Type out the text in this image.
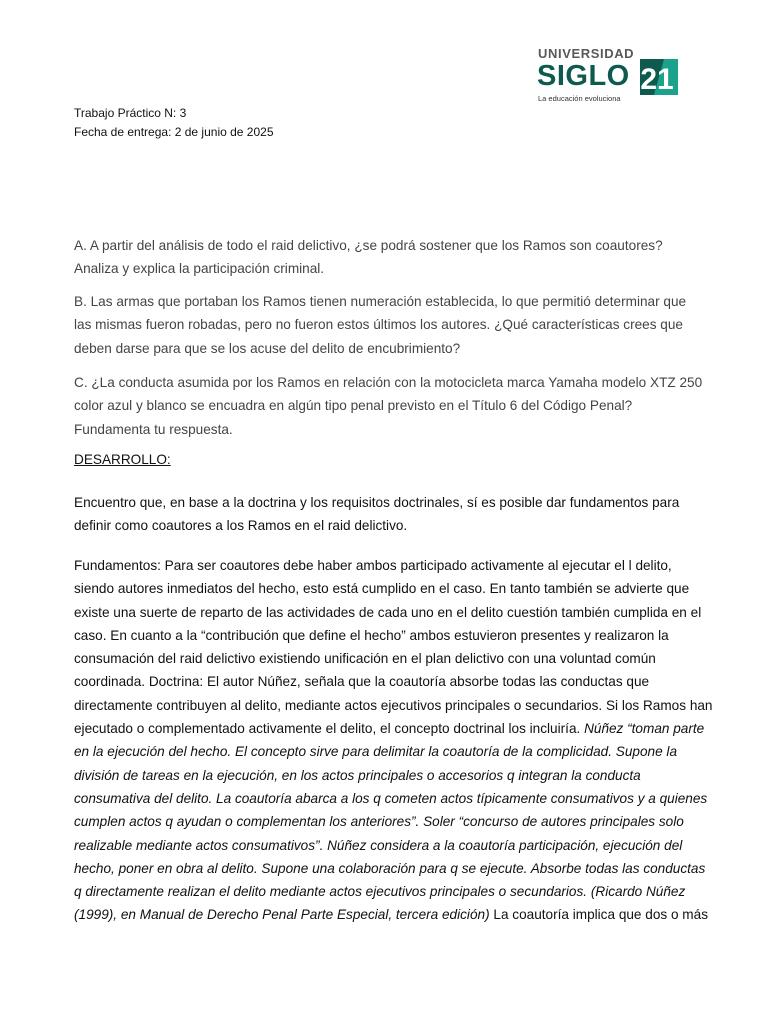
UNIVERSIDAD
SIGLO 21
La educación evoluciona
Trabajo Práctico N: 3
Fecha de entrega: 2 de junio de 2025
A. A partir del análisis de todo el raid delictivo, ¿se podrá sostener que los Ramos son coautores? Analiza y explica la participación criminal.
B. Las armas que portaban los Ramos tienen numeración establecida, lo que permitió determinar que las mismas fueron robadas, pero no fueron estos últimos los autores. ¿Qué características crees que deben darse para que se los acuse del delito de encubrimiento?
C. ¿La conducta asumida por los Ramos en relación con la motocicleta marca Yamaha modelo XTZ 250 color azul y blanco se encuadra en algún tipo penal previsto en el Título 6 del Código Penal? Fundamenta tu respuesta.
DESARROLLO:
Encuentro que, en base a la doctrina y los requisitos doctrinales, sí es posible dar fundamentos para definir como coautores a los Ramos en el raid delictivo.
Fundamentos: Para ser coautores debe haber ambos participado activamente al ejecutar el l delito, siendo autores inmediatos del hecho, esto está cumplido en el caso. En tanto también se advierte que existe una suerte de reparto de las actividades de cada uno en el delito cuestión también cumplida en el caso. En cuanto a la “contribución que define el hecho” ambos estuvieron presentes y realizaron la consumación del raid delictivo existiendo unificación en el plan delictivo con una voluntad común coordinada. Doctrina: El autor Núñez, señala que la coautoría absorbe todas las conductas que directamente contribuyen al delito, mediante actos ejecutivos principales o secundarios. Si los Ramos han ejecutado o complementado activamente el delito, el concepto doctrinal los incluiría. Núñez “toman parte en la ejecución del hecho. El concepto sirve para delimitar la coautoría de la complicidad. Supone la división de tareas en la ejecución, en los actos principales o accesorios q integran la conducta consumativa del delito. La coautoría abarca a los q cometen actos típicamente consumativos y a quienes cumplen actos q ayudan o complementan los anteriores”. Soler “concurso de autores principales solo realizable mediante actos consumativos”. Núñez considera a la coautoría participación, ejecución del hecho, poner en obra al delito. Supone una colaboración para q se ejecute. Absorbe todas las conductas q directamente realizan el delito mediante actos ejecutivos principales o secundarios. (Ricardo Núñez (1999), en Manual de Derecho Penal Parte Especial, tercera edición) La coautoría implica que dos o más
